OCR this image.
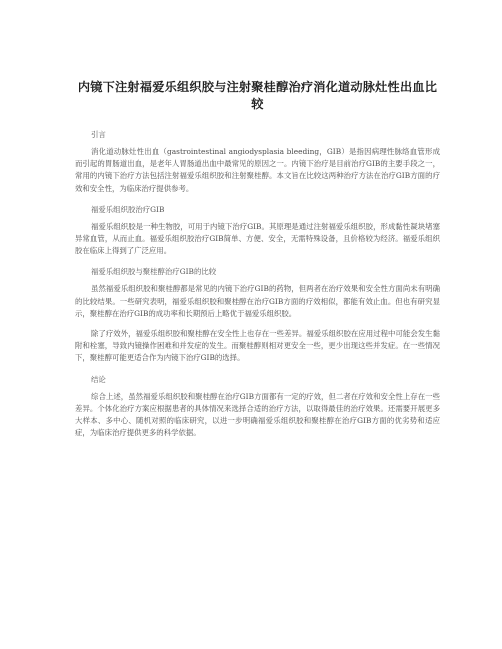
内镜下注射福爱乐组织胶与注射聚桂醇治疗消化道动脉灶性出血比较
引言

消化道动脉灶性出血（gastrointestinal angiodysplasia bleeding，GIB）是指因病理性脉络血管形成而引起的胃肠道出血，是老年人胃肠道出血中最常见的原因之一。内镜下治疗是目前治疗GIB的主要手段之一，常用的内镜下治疗方法包括注射福爱乐组织胶和注射聚桂醇。本文旨在比较这两种治疗方法在治疗GIB方面的疗效和安全性，为临床治疗提供参考。

福爱乐组织胶治疗GIB

福爱乐组织胶是一种生物胶，可用于内镜下治疗GIB。其原理是通过注射福爱乐组织胶，形成黏性凝块堵塞异常血管，从而止血。福爱乐组织胶治疗GIB简单、方便、安全，无需特殊设备，且价格较为经济。福爱乐组织胶在临床上得到了广泛应用。

福爱乐组织胶与聚桂醇治疗GIB的比较

虽然福爱乐组织胶和聚桂醇都是常见的内镜下治疗GIB的药物，但两者在治疗效果和安全性方面尚未有明确的比较结果。一些研究表明，福爱乐组织胶和聚桂醇在治疗GIB方面的疗效相似，都能有效止血。但也有研究显示，聚桂醇在治疗GIB的成功率和长期预后上略优于福爱乐组织胶。

除了疗效外，福爱乐组织胶和聚桂醇在安全性上也存在一些差异。福爱乐组织胶在应用过程中可能会发生黏附和栓塞，导致内镜操作困难和并发症的发生。而聚桂醇则相对更安全一些，更少出现这些并发症。在一些情况下，聚桂醇可能更适合作为内镜下治疗GIB的选择。

结论

综合上述，虽然福爱乐组织胶和聚桂醇在治疗GIB方面都有一定的疗效，但二者在疗效和安全性上存在一些差异。个体化治疗方案应根据患者的具体情况来选择合适的治疗方法，以取得最佳的治疗效果。还需要开展更多大样本、多中心、随机对照的临床研究，以进一步明确福爱乐组织胶和聚桂醇在治疗GIB方面的优劣势和适应症，为临床治疗提供更多的科学依据。
